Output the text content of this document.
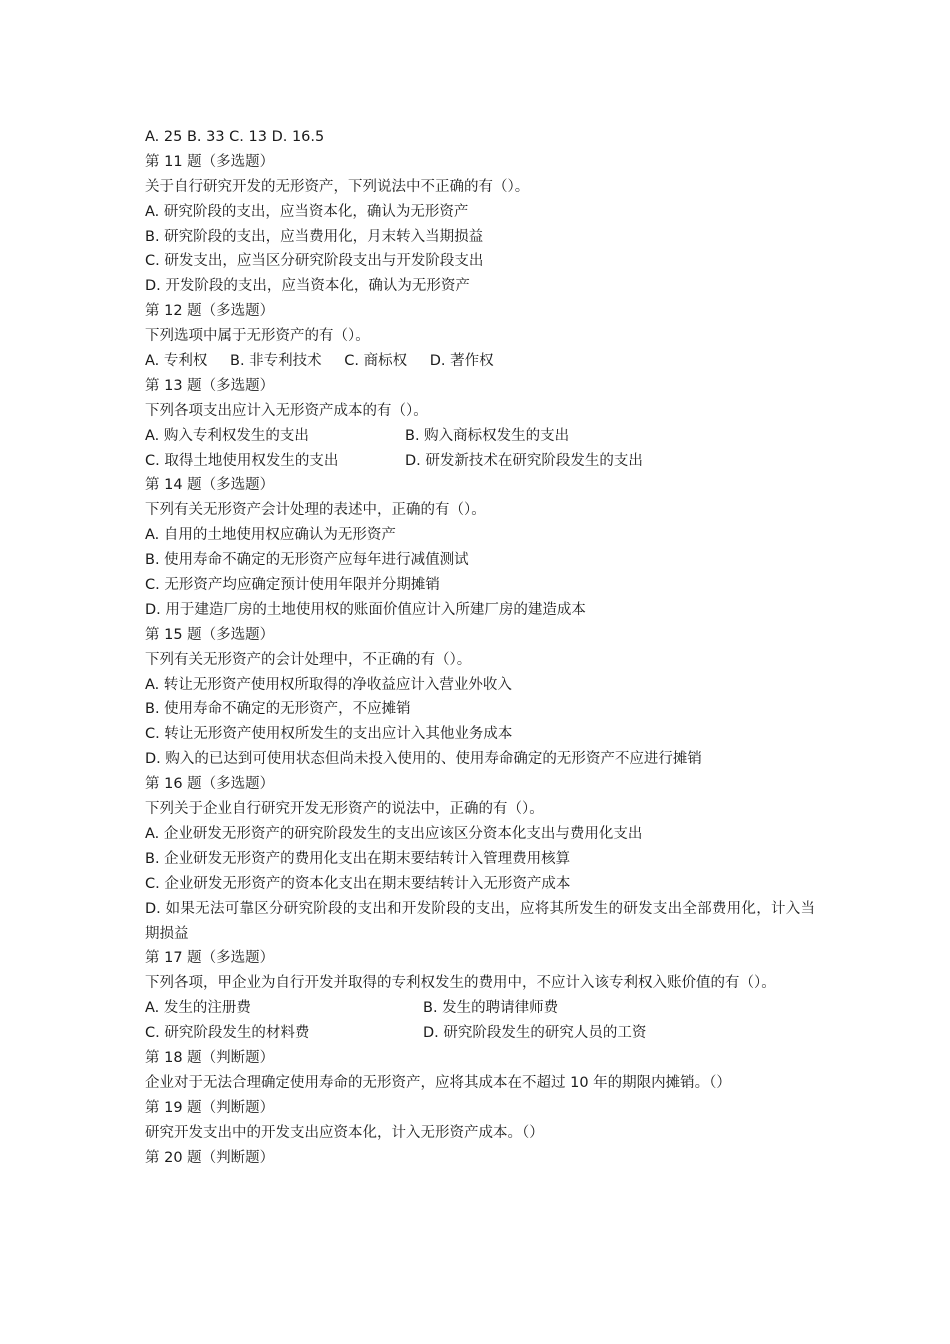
A. 25 B. 33 C. 13 D. 16.5
第 11 题（多选题）
关于自行研究开发的无形资产，下列说法中不正确的有（）。
A. 研究阶段的支出，应当资本化，确认为无形资产
B. 研究阶段的支出，应当费用化，月末转入当期损益
C. 研发支出，应当区分研究阶段支出与开发阶段支出
D. 开发阶段的支出，应当资本化，确认为无形资产
第 12 题（多选题）
下列选项中属于无形资产的有（）。
A. 专利权 B. 非专利技术 C. 商标权 D. 著作权
第 13 题（多选题）
下列各项支出应计入无形资产成本的有（）。
A. 购入专利权发生的支出	B. 购入商标权发生的支出
C. 取得土地使用权发生的支出	D. 研发新技术在研究阶段发生的支出
第 14 题（多选题）
下列有关无形资产会计处理的表述中，正确的有（）。
A. 自用的土地使用权应确认为无形资产
B. 使用寿命不确定的无形资产应每年进行减值测试
C. 无形资产均应确定预计使用年限并分期摊销
D. 用于建造厂房的土地使用权的账面价值应计入所建厂房的建造成本
第 15 题（多选题）
下列有关无形资产的会计处理中，不正确的有（）。
A. 转让无形资产使用权所取得的净收益应计入营业外收入
B. 使用寿命不确定的无形资产，不应摊销
C. 转让无形资产使用权所发生的支出应计入其他业务成本
D. 购入的已达到可使用状态但尚未投入使用的、使用寿命确定的无形资产不应进行摊销
第 16 题（多选题）
下列关于企业自行研究开发无形资产的说法中，正确的有（）。
A. 企业研发无形资产的研究阶段发生的支出应该区分资本化支出与费用化支出
B. 企业研发无形资产的费用化支出在期末要结转计入管理费用核算
C. 企业研发无形资产的资本化支出在期末要结转计入无形资产成本
D. 如果无法可靠区分研究阶段的支出和开发阶段的支出，应将其所发生的研发支出全部费用化，计入当期损益
第 17 题（多选题）
下列各项，甲企业为自行开发并取得的专利权发生的费用中，不应计入该专利权入账价值的有（）。
A. 发生的注册费	B. 发生的聘请律师费
C. 研究阶段发生的材料费	D. 研究阶段发生的研究人员的工资
第 18 题（判断题）
企业对于无法合理确定使用寿命的无形资产，应将其成本在不超过 10 年的期限内摊销。（）
第 19 题（判断题）
研究开发支出中的开发支出应资本化，计入无形资产成本。（）
第 20 题（判断题）
